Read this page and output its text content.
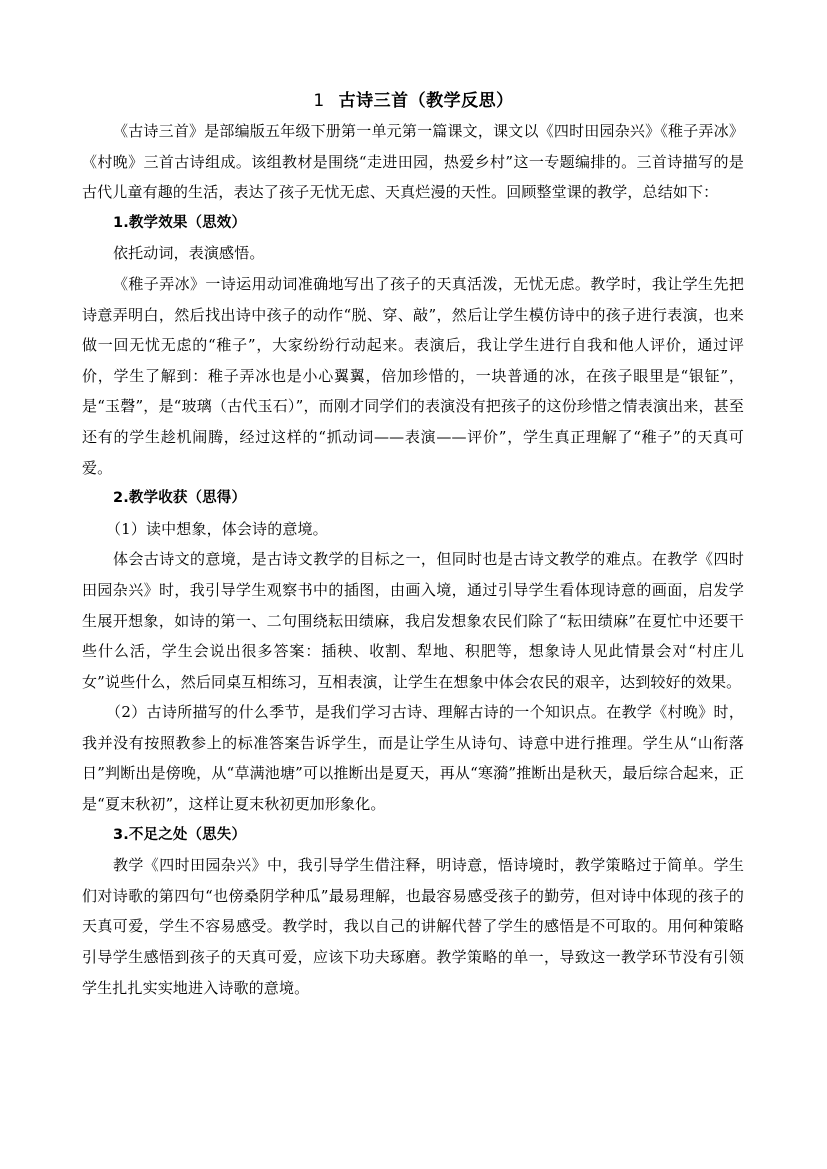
1 古诗三首（教学反思）

《古诗三首》是部编版五年级下册第一单元第一篇课文，课文以《四时田园杂兴》《稚子弄冰》《村晚》三首古诗组成。该组教材是围绕“走进田园，热爱乡村”这一专题编排的。三首诗描写的是古代儿童有趣的生活，表达了孩子无忧无虑、天真烂漫的天性。回顾整堂课的教学，总结如下：

1.教学效果（思效）

依托动词，表演感悟。

《稚子弄冰》一诗运用动词准确地写出了孩子的天真活泼，无忧无虑。教学时，我让学生先把诗意弄明白，然后找出诗中孩子的动作“脱、穿、敲”，然后让学生模仿诗中的孩子进行表演，也来做一回无忧无虑的“稚子”，大家纷纷行动起来。表演后，我让学生进行自我和他人评价，通过评价，学生了解到：稚子弄冰也是小心翼翼，倍加珍惜的，一块普通的冰，在孩子眼里是“银钲”，是“玉磬”，是“玻璃（古代玉石）”，而刚才同学们的表演没有把孩子的这份珍惜之情表演出来，甚至还有的学生趁机闹腾，经过这样的“抓动词——表演——评价”，学生真正理解了“稚子”的天真可爱。

2.教学收获（思得）

（1）读中想象，体会诗的意境。

体会古诗文的意境，是古诗文教学的目标之一，但同时也是古诗文教学的难点。在教学《四时田园杂兴》时，我引导学生观察书中的插图，由画入境，通过引导学生看体现诗意的画面，启发学生展开想象，如诗的第一、二句围绕耘田绩麻，我启发想象农民们除了“耘田绩麻”在夏忙中还要干些什么活，学生会说出很多答案：插秧、收割、犁地、积肥等，想象诗人见此情景会对“村庄儿女”说些什么，然后同桌互相练习，互相表演，让学生在想象中体会农民的艰辛，达到较好的效果。

（2）古诗所描写的什么季节，是我们学习古诗、理解古诗的一个知识点。在教学《村晚》时，我并没有按照教参上的标准答案告诉学生，而是让学生从诗句、诗意中进行推理。学生从“山衔落日”判断出是傍晚，从“草满池塘”可以推断出是夏天，再从“寒漪”推断出是秋天，最后综合起来，正是“夏末秋初”，这样让夏末秋初更加形象化。

3.不足之处（思失）

教学《四时田园杂兴》中，我引导学生借注释，明诗意，悟诗境时，教学策略过于简单。学生们对诗歌的第四句“也傍桑阴学种瓜”最易理解，也最容易感受孩子的勤劳，但对诗中体现的孩子的天真可爱，学生不容易感受。教学时，我以自己的讲解代替了学生的感悟是不可取的。用何种策略引导学生感悟到孩子的天真可爱，应该下功夫琢磨。教学策略的单一，导致这一教学环节没有引领学生扎扎实实地进入诗歌的意境。
